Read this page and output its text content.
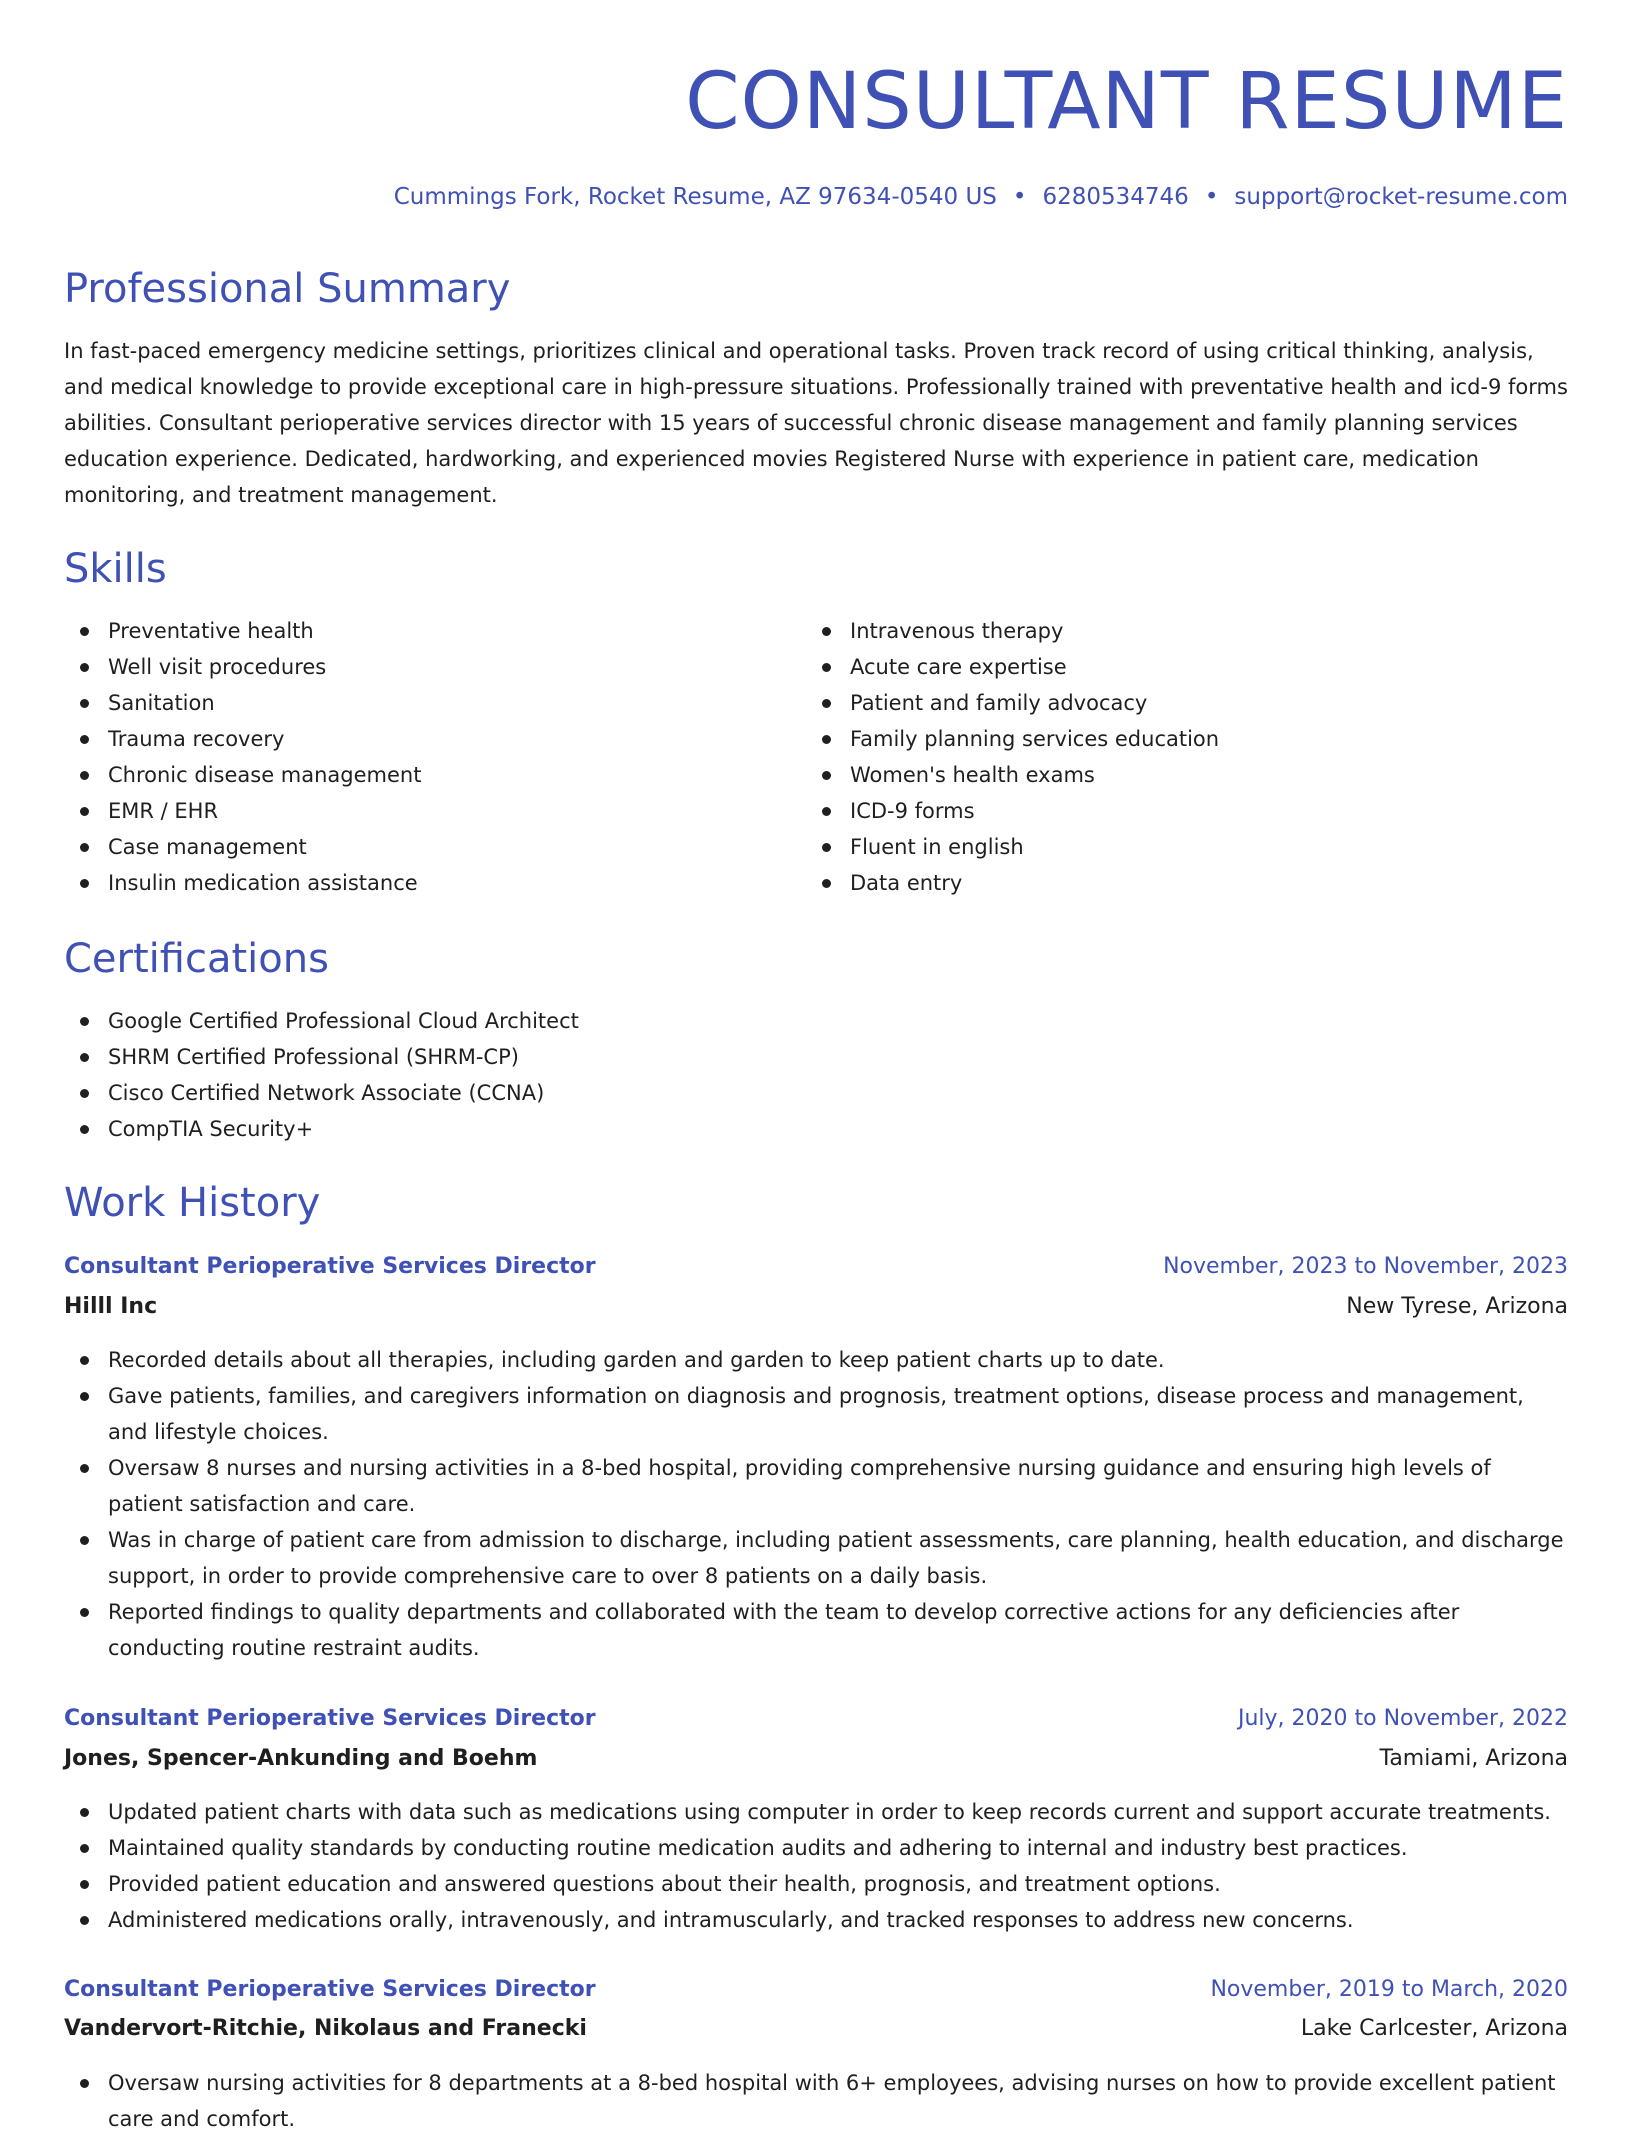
CONSULTANT RESUME
Cummings Fork, Rocket Resume, AZ 97634-0540 US • 6280534746 • support@rocket-resume.com
Professional Summary
In fast-paced emergency medicine settings, prioritizes clinical and operational tasks. Proven track record of using critical thinking, analysis, and medical knowledge to provide exceptional care in high-pressure situations. Professionally trained with preventative health and icd-9 forms abilities. Consultant perioperative services director with 15 years of successful chronic disease management and family planning services education experience. Dedicated, hardworking, and experienced movies Registered Nurse with experience in patient care, medication monitoring, and treatment management.
Skills
Preventative health
Well visit procedures
Sanitation
Trauma recovery
Chronic disease management
EMR / EHR
Case management
Insulin medication assistance
Intravenous therapy
Acute care expertise
Patient and family advocacy
Family planning services education
Women's health exams
ICD-9 forms
Fluent in english
Data entry
Certifications
Google Certified Professional Cloud Architect
SHRM Certified Professional (SHRM-CP)
Cisco Certified Network Associate (CCNA)
CompTIA Security+
Work History
Consultant Perioperative Services Director	November, 2023 to November, 2023
Hilll Inc	New Tyrese, Arizona
Recorded details about all therapies, including garden and garden to keep patient charts up to date.
Gave patients, families, and caregivers information on diagnosis and prognosis, treatment options, disease process and management, and lifestyle choices.
Oversaw 8 nurses and nursing activities in a 8-bed hospital, providing comprehensive nursing guidance and ensuring high levels of patient satisfaction and care.
Was in charge of patient care from admission to discharge, including patient assessments, care planning, health education, and discharge support, in order to provide comprehensive care to over 8 patients on a daily basis.
Reported findings to quality departments and collaborated with the team to develop corrective actions for any deficiencies after conducting routine restraint audits.
Consultant Perioperative Services Director	July, 2020 to November, 2022
Jones, Spencer-Ankunding and Boehm	Tamiami, Arizona
Updated patient charts with data such as medications using computer in order to keep records current and support accurate treatments.
Maintained quality standards by conducting routine medication audits and adhering to internal and industry best practices.
Provided patient education and answered questions about their health, prognosis, and treatment options.
Administered medications orally, intravenously, and intramuscularly, and tracked responses to address new concerns.
Consultant Perioperative Services Director	November, 2019 to March, 2020
Vandervort-Ritchie, Nikolaus and Franecki	Lake Carlcester, Arizona
Oversaw nursing activities for 8 departments at a 8-bed hospital with 6+ employees, advising nurses on how to provide excellent patient care and comfort.
